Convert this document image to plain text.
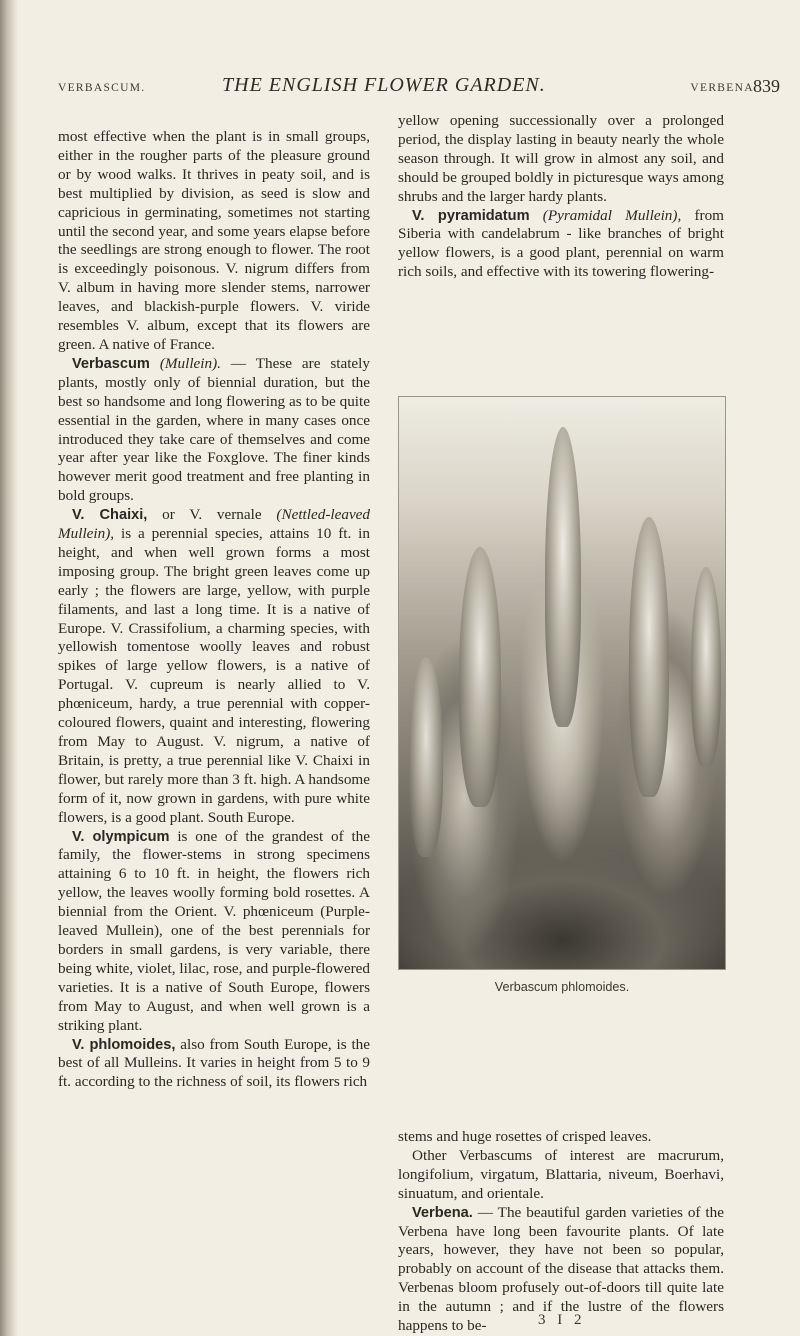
VERBASCUM.	THE ENGLISH FLOWER GARDEN.	VERBENA.
839

most effective when the plant is in small groups, either in the rougher parts of the pleasure ground or by wood walks. It thrives in peaty soil, and is best multiplied by division, as seed is slow and capricious in germinating, sometimes not starting until the second year, and some years elapse before the seedlings are strong enough to flower. The root is exceedingly poisonous. V. nigrum differs from V. album in having more slender stems, narrower leaves, and blackish-purple flowers. V. viride resembles V. album, except that its flowers are green. A native of France.

Verbascum (Mullein). — These are stately plants, mostly only of biennial duration, but the best so handsome and long flowering as to be quite essential in the garden, where in many cases once introduced they take care of themselves and come year after year like the Foxglove. The finer kinds however merit good treatment and free planting in bold groups.

V. Chaixi, or V. vernale (Nettled-leaved Mullein), is a perennial species, attains 10 ft. in height, and when well grown forms a most imposing group. The bright green leaves come up early ; the flowers are large, yellow, with purple filaments, and last a long time. It is a native of Europe. V. Crassifolium, a charming species, with yellowish tomentose woolly leaves and robust spikes of large yellow flowers, is a native of Portugal. V. cupreum is nearly allied to V. phœniceum, hardy, a true perennial with copper-coloured flowers, quaint and interesting, flowering from May to August. V. nigrum, a native of Britain, is pretty, a true perennial like V. Chaixi in flower, but rarely more than 3 ft. high. A handsome form of it, now grown in gardens, with pure white flowers, is a good plant. South Europe.

V. olympicum is one of the grandest of the family, the flower-stems in strong specimens attaining 6 to 10 ft. in height, the flowers rich yellow, the leaves woolly forming bold rosettes. A biennial from the Orient. V. phœniceum (Purple-leaved Mullein), one of the best perennials for borders in small gardens, is very variable, there being white, violet, lilac, rose, and purple-flowered varieties. It is a native of South Europe, flowers from May to August, and when well grown is a striking plant.

V. phlomoides, also from South Europe, is the best of all Mulleins. It varies in height from 5 to 9 ft. according to the richness of soil, its flowers rich

yellow opening successionally over a prolonged period, the display lasting in beauty nearly the whole season through. It will grow in almost any soil, and should be grouped boldly in picturesque ways among shrubs and the larger hardy plants.

V. pyramidatum (Pyramidal Mullein), from Siberia with candelabrum - like branches of bright yellow flowers, is a good plant, perennial on warm rich soils, and effective with its towering flowering-

Verbascum phlomoides.

stems and huge rosettes of crisped leaves.

Other Verbascums of interest are macrurum, longifolium, virgatum, Blattaria, niveum, Boerhavi, sinuatum, and orientale.

Verbena. — The beautiful garden varieties of the Verbena have long been favourite plants. Of late years, however, they have not been so popular, probably on account of the disease that attacks them. Verbenas bloom profusely out-of-doors till quite late in the autumn ; and if the lustre of the flowers happens to be-	3 I 2
